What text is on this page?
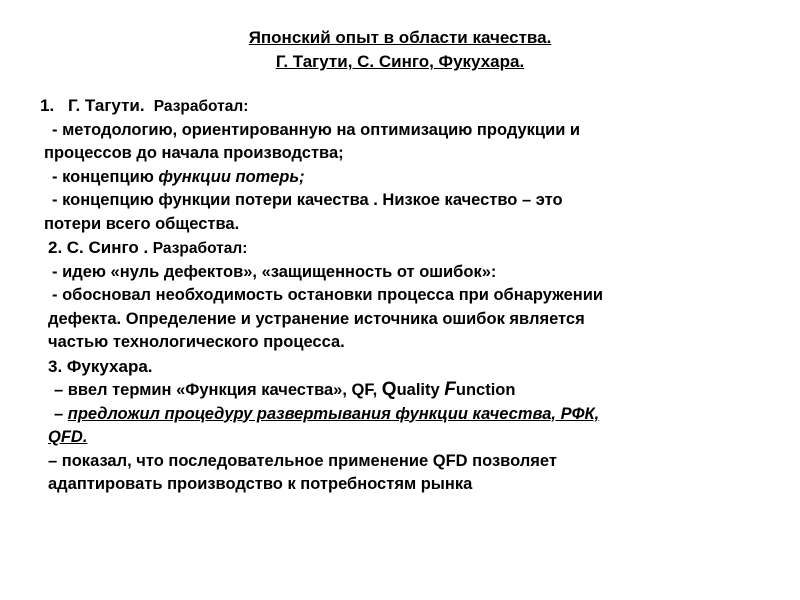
Японский опыт в области качества.
Г. Тагути, С. Синго, Фукухара.
1. Г. Тагути. Разработал:
- методологию, ориентированную на оптимизацию продукции и
процессов до начала производства;
- концепцию функции потерь;
- концепцию функции потери качества . Низкое качество – это
потери всего общества.
2. С. Синго . Разработал:
- идею «нуль дефектов», «защищенность от ошибок»:
- обосновал необходимость остановки процесса при обнаружении
дефекта. Определение и устранение источника ошибок является
частью технологического процесса.
3. Фукухара.
– ввел термин «Функция качества», QF, Quality Function
– предложил процедуру развертывания функции качества, РФК,
QFD.
– показал, что последовательное применение QFD позволяет
адаптировать производство к потребностям рынка
